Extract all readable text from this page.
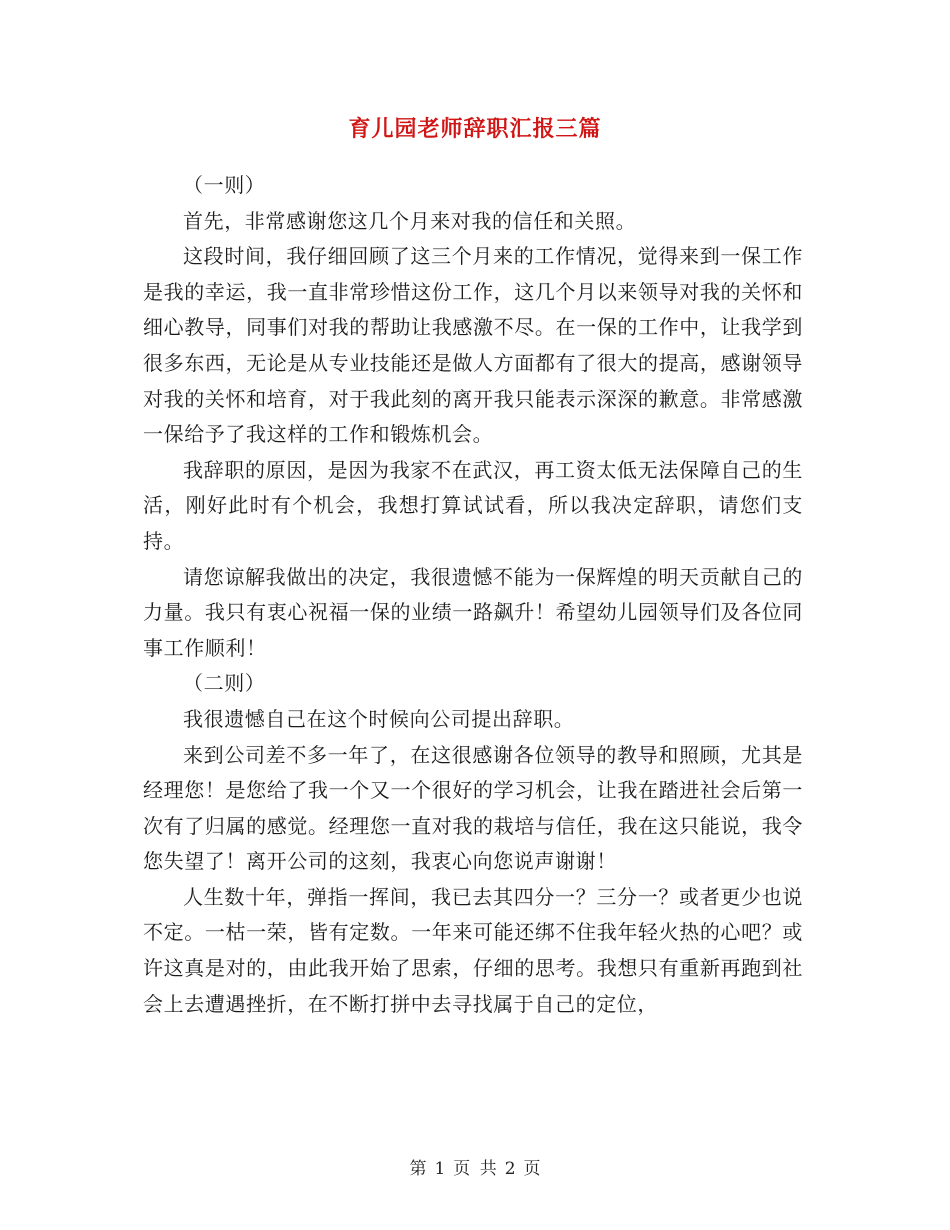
育儿园老师辞职汇报三篇

（一则）

首先，非常感谢您这几个月来对我的信任和关照。

这段时间，我仔细回顾了这三个月来的工作情况，觉得来到一保工作是我的幸运，我一直非常珍惜这份工作，这几个月以来领导对我的关怀和细心教导，同事们对我的帮助让我感激不尽。在一保的工作中，让我学到很多东西，无论是从专业技能还是做人方面都有了很大的提高，感谢领导对我的关怀和培育，对于我此刻的离开我只能表示深深的歉意。非常感激一保给予了我这样的工作和锻炼机会。

我辞职的原因，是因为我家不在武汉，再工资太低无法保障自己的生活，刚好此时有个机会，我想打算试试看，所以我决定辞职，请您们支持。

请您谅解我做出的决定，我很遗憾不能为一保辉煌的明天贡献自己的力量。我只有衷心祝福一保的业绩一路飙升！希望幼儿园领导们及各位同事工作顺利！

（二则）

我很遗憾自己在这个时候向公司提出辞职。

来到公司差不多一年了，在这很感谢各位领导的教导和照顾，尤其是经理您！是您给了我一个又一个很好的学习机会，让我在踏进社会后第一次有了归属的感觉。经理您一直对我的栽培与信任，我在这只能说，我令您失望了！离开公司的这刻，我衷心向您说声谢谢！

人生数十年，弹指一挥间，我已去其四分一？三分一？或者更少也说不定。一枯一荣，皆有定数。一年来可能还绑不住我年轻火热的心吧？或许这真是对的，由此我开始了思索，仔细的思考。我想只有重新再跑到社会上去遭遇挫折，在不断打拼中去寻找属于自己的定位，

第 1 页 共 2 页
